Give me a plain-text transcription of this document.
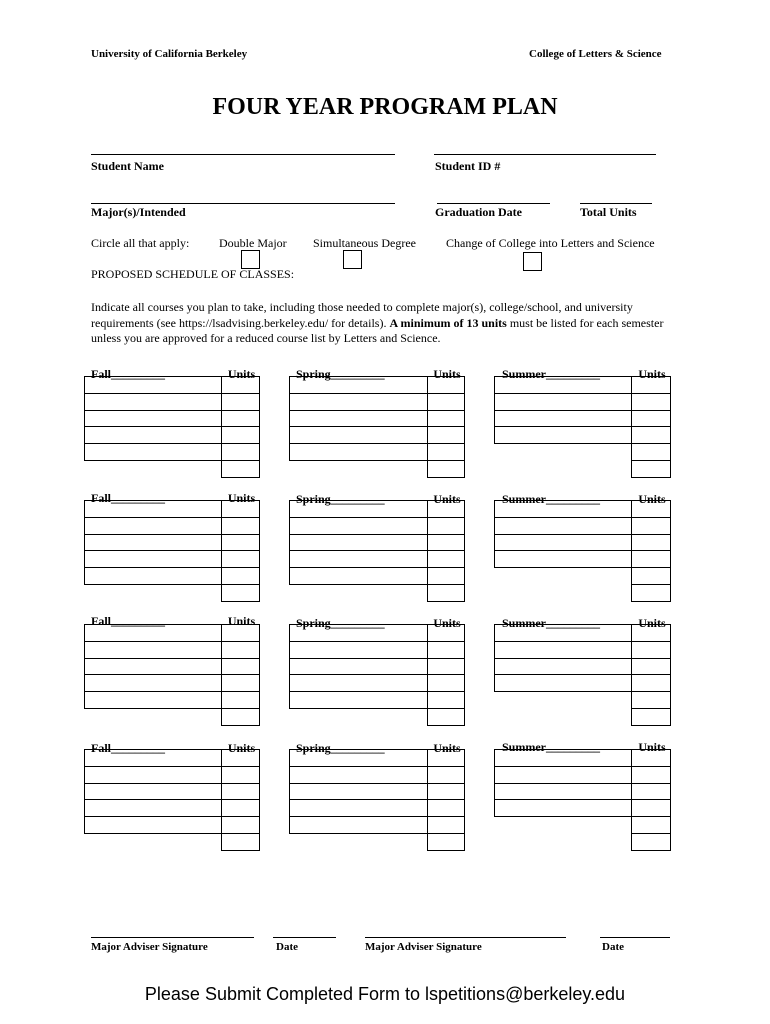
University of California Berkeley	College of Letters & Science
FOUR YEAR PROGRAM PLAN
Student Name	Student ID #
Major(s)/Intended	Graduation Date	Total Units
Circle all that apply: Double Major Simultaneous Degree	Change of College into Letters and Science
PROPOSED SCHEDULE OF CLASSES:
Indicate all courses you plan to take, including those needed to complete major(s), college/school, and university requirements (see https://lsadvising.berkeley.edu/ for details). A minimum of 13 units must be listed for each semester unless you are approved for a reduced course list by Letters and Science.
Fall_________	Units	Spring_________	Units	Summer_________	Units
Fall_________	Units	Spring_________	Units	Summer_________	Units
Fall_________	Units	Spring_________	Units	Summer_________	Units
Fall_________	Units	Spring_________	Units	Summer_________	Units
Major Adviser Signature	Date	Major Adviser Signature	Date
Please Submit Completed Form to lspetitions@berkeley.edu
